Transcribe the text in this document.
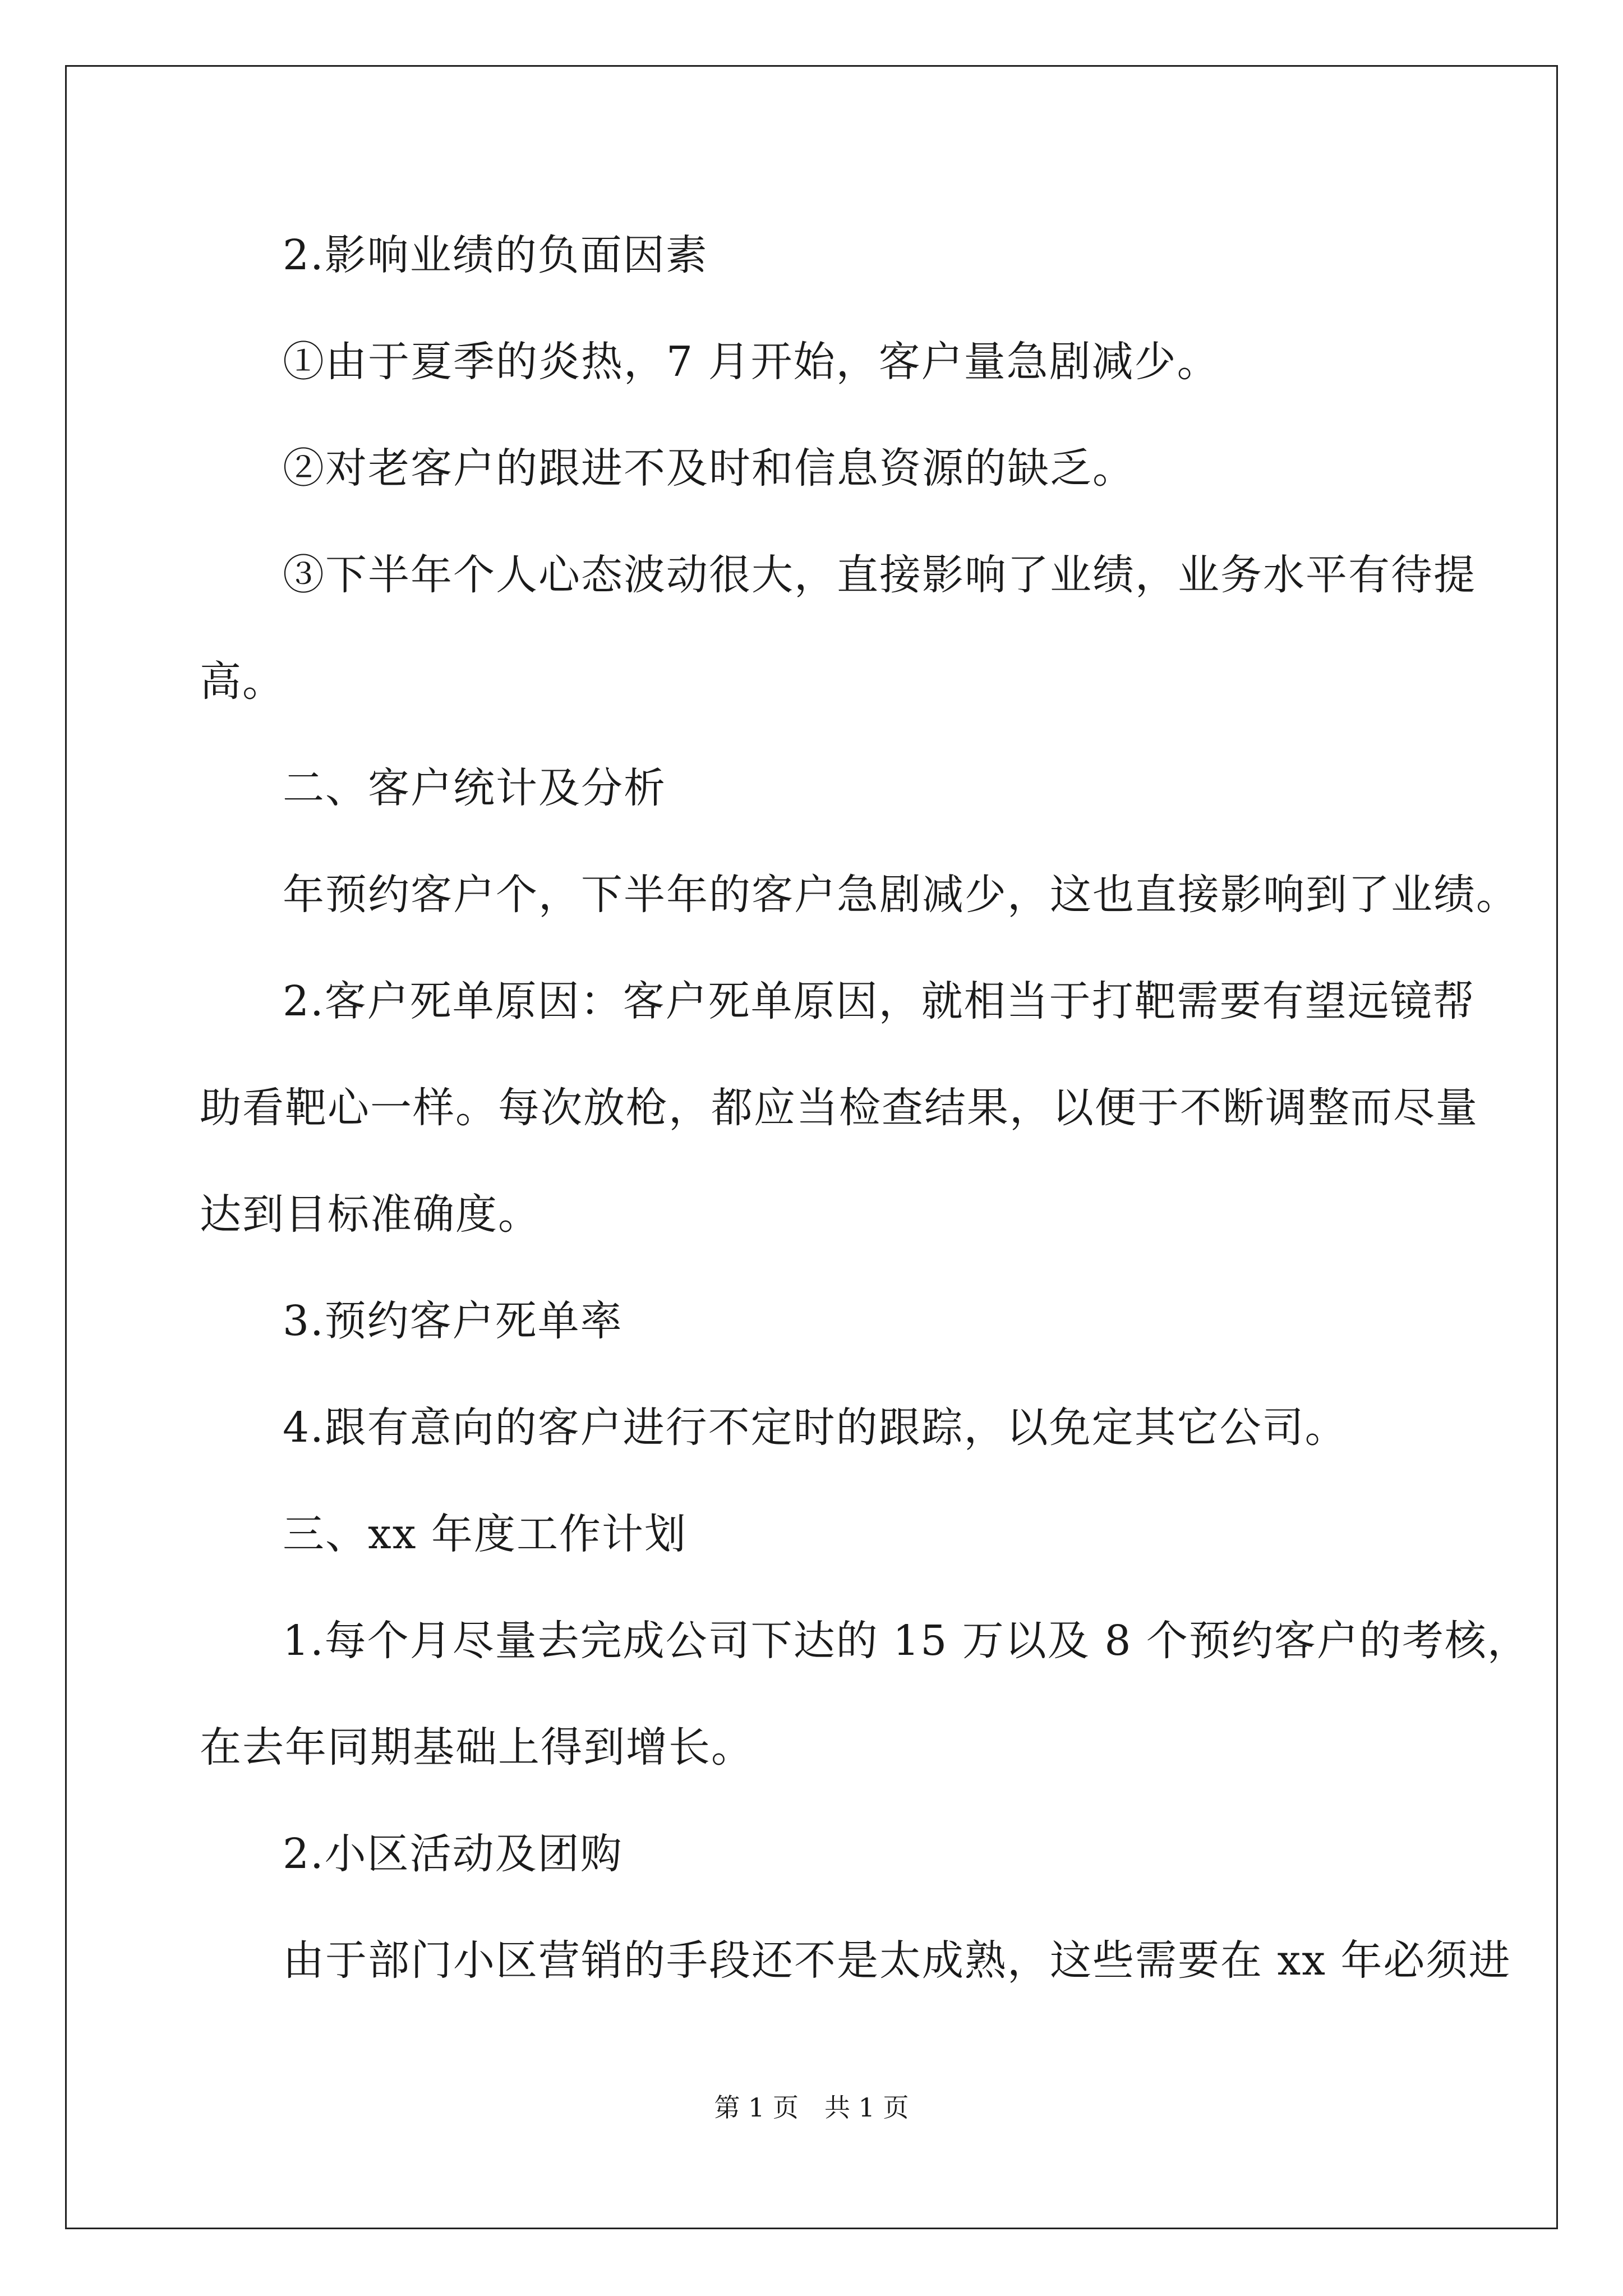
2.影响业绩的负面因素

①由于夏季的炎热，7 月开始，客户量急剧减少。

②对老客户的跟进不及时和信息资源的缺乏。

③下半年个人心态波动很大，直接影响了业绩，业务水平有待提

高。

二、客户统计及分析

年预约客户个，下半年的客户急剧减少，这也直接影响到了业绩。

2.客户死单原因：客户死单原因，就相当于打靶需要有望远镜帮

助看靶心一样。每次放枪，都应当检查结果，以便于不断调整而尽量

达到目标准确度。

3.预约客户死单率

4.跟有意向的客户进行不定时的跟踪，以免定其它公司。

三、xx 年度工作计划

1.每个月尽量去完成公司下达的 15 万以及 8 个预约客户的考核，

在去年同期基础上得到增长。

2.小区活动及团购

由于部门小区营销的手段还不是太成熟，这些需要在 xx 年必须进

第 1 页 共 1 页
